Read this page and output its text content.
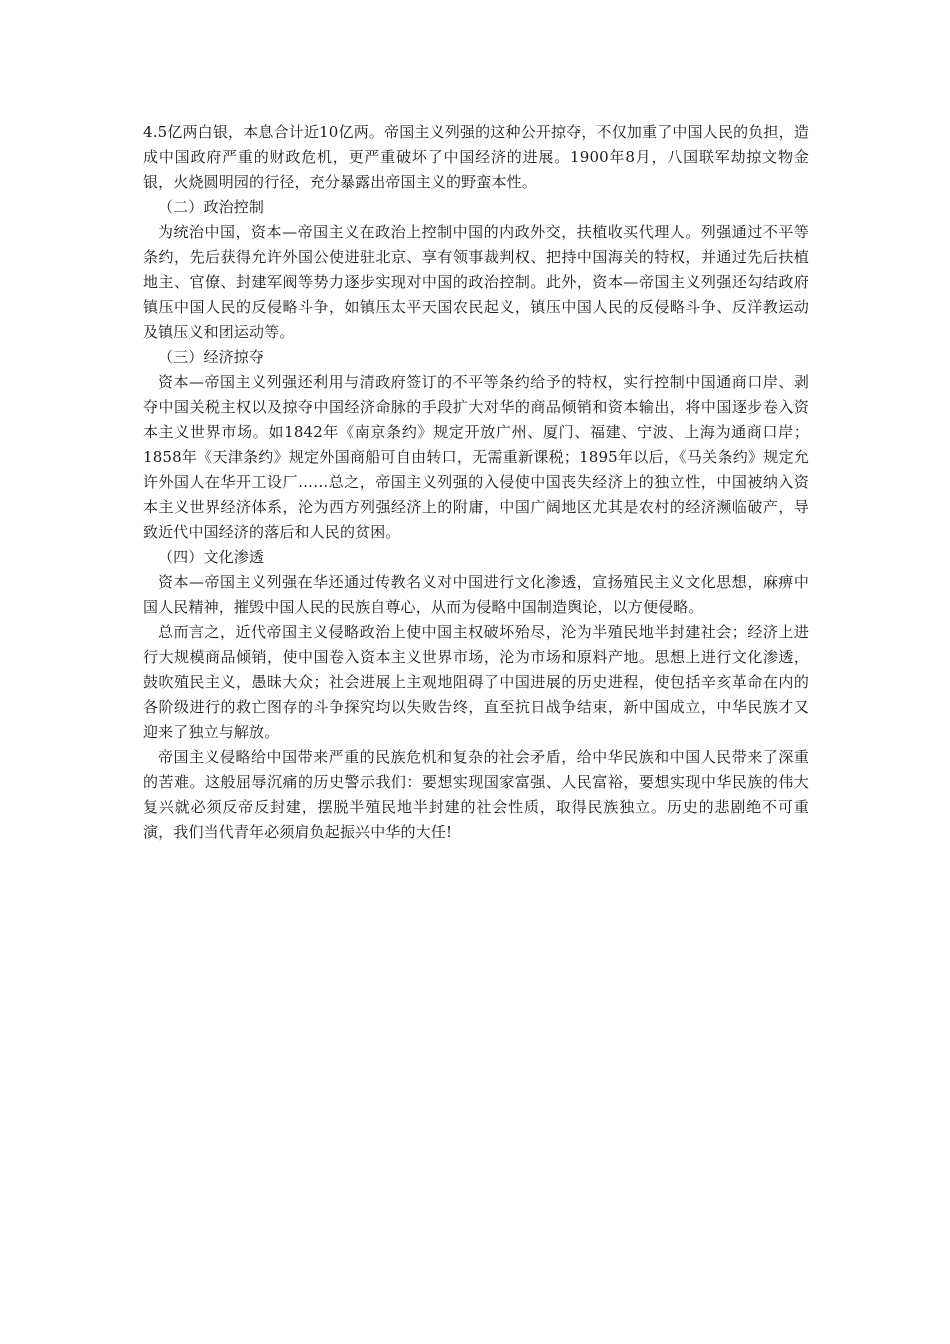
4.5亿两白银，本息合计近10亿两。帝国主义列强的这种公开掠夺，不仅加重了中国人民的负担，造成中国政府严重的财政危机，更严重破坏了中国经济的进展。1900年8月，八国联军劫掠文物金银，火烧圆明园的行径，充分暴露出帝国主义的野蛮本性。

（二）政治控制

为统治中国，资本—帝国主义在政治上控制中国的内政外交，扶植收买代理人。列强通过不平等条约，先后获得允许外国公使进驻北京、享有领事裁判权、把持中国海关的特权，并通过先后扶植地主、官僚、封建军阀等势力逐步实现对中国的政治控制。此外，资本—帝国主义列强还勾结政府镇压中国人民的反侵略斗争，如镇压太平天国农民起义，镇压中国人民的反侵略斗争、反洋教运动及镇压义和团运动等。

（三）经济掠夺

资本—帝国主义列强还利用与清政府签订的不平等条约给予的特权，实行控制中国通商口岸、剥夺中国关税主权以及掠夺中国经济命脉的手段扩大对华的商品倾销和资本输出，将中国逐步卷入资本主义世界市场。如1842年《南京条约》规定开放广州、厦门、福建、宁波、上海为通商口岸；1858年《天津条约》规定外国商船可自由转口，无需重新课税；1895年以后，《马关条约》规定允许外国人在华开工设厂……总之，帝国主义列强的入侵使中国丧失经济上的独立性，中国被纳入资本主义世界经济体系，沦为西方列强经济上的附庸，中国广阔地区尤其是农村的经济濒临破产，导致近代中国经济的落后和人民的贫困。

（四）文化渗透

资本—帝国主义列强在华还通过传教名义对中国进行文化渗透，宣扬殖民主义文化思想，麻痹中国人民精神，摧毁中国人民的民族自尊心，从而为侵略中国制造舆论，以方便侵略。

总而言之，近代帝国主义侵略政治上使中国主权破坏殆尽，沦为半殖民地半封建社会；经济上进行大规模商品倾销，使中国卷入资本主义世界市场，沦为市场和原料产地。思想上进行文化渗透，鼓吹殖民主义，愚昧大众；社会进展上主观地阻碍了中国进展的历史进程，使包括辛亥革命在内的各阶级进行的救亡图存的斗争探究均以失败告终，直至抗日战争结束，新中国成立，中华民族才又迎来了独立与解放。

帝国主义侵略给中国带来严重的民族危机和复杂的社会矛盾，给中华民族和中国人民带来了深重的苦难。这般屈辱沉痛的历史警示我们：要想实现国家富强、人民富裕，要想实现中华民族的伟大复兴就必须反帝反封建，摆脱半殖民地半封建的社会性质，取得民族独立。历史的悲剧绝不可重演，我们当代青年必须肩负起振兴中华的大任!
